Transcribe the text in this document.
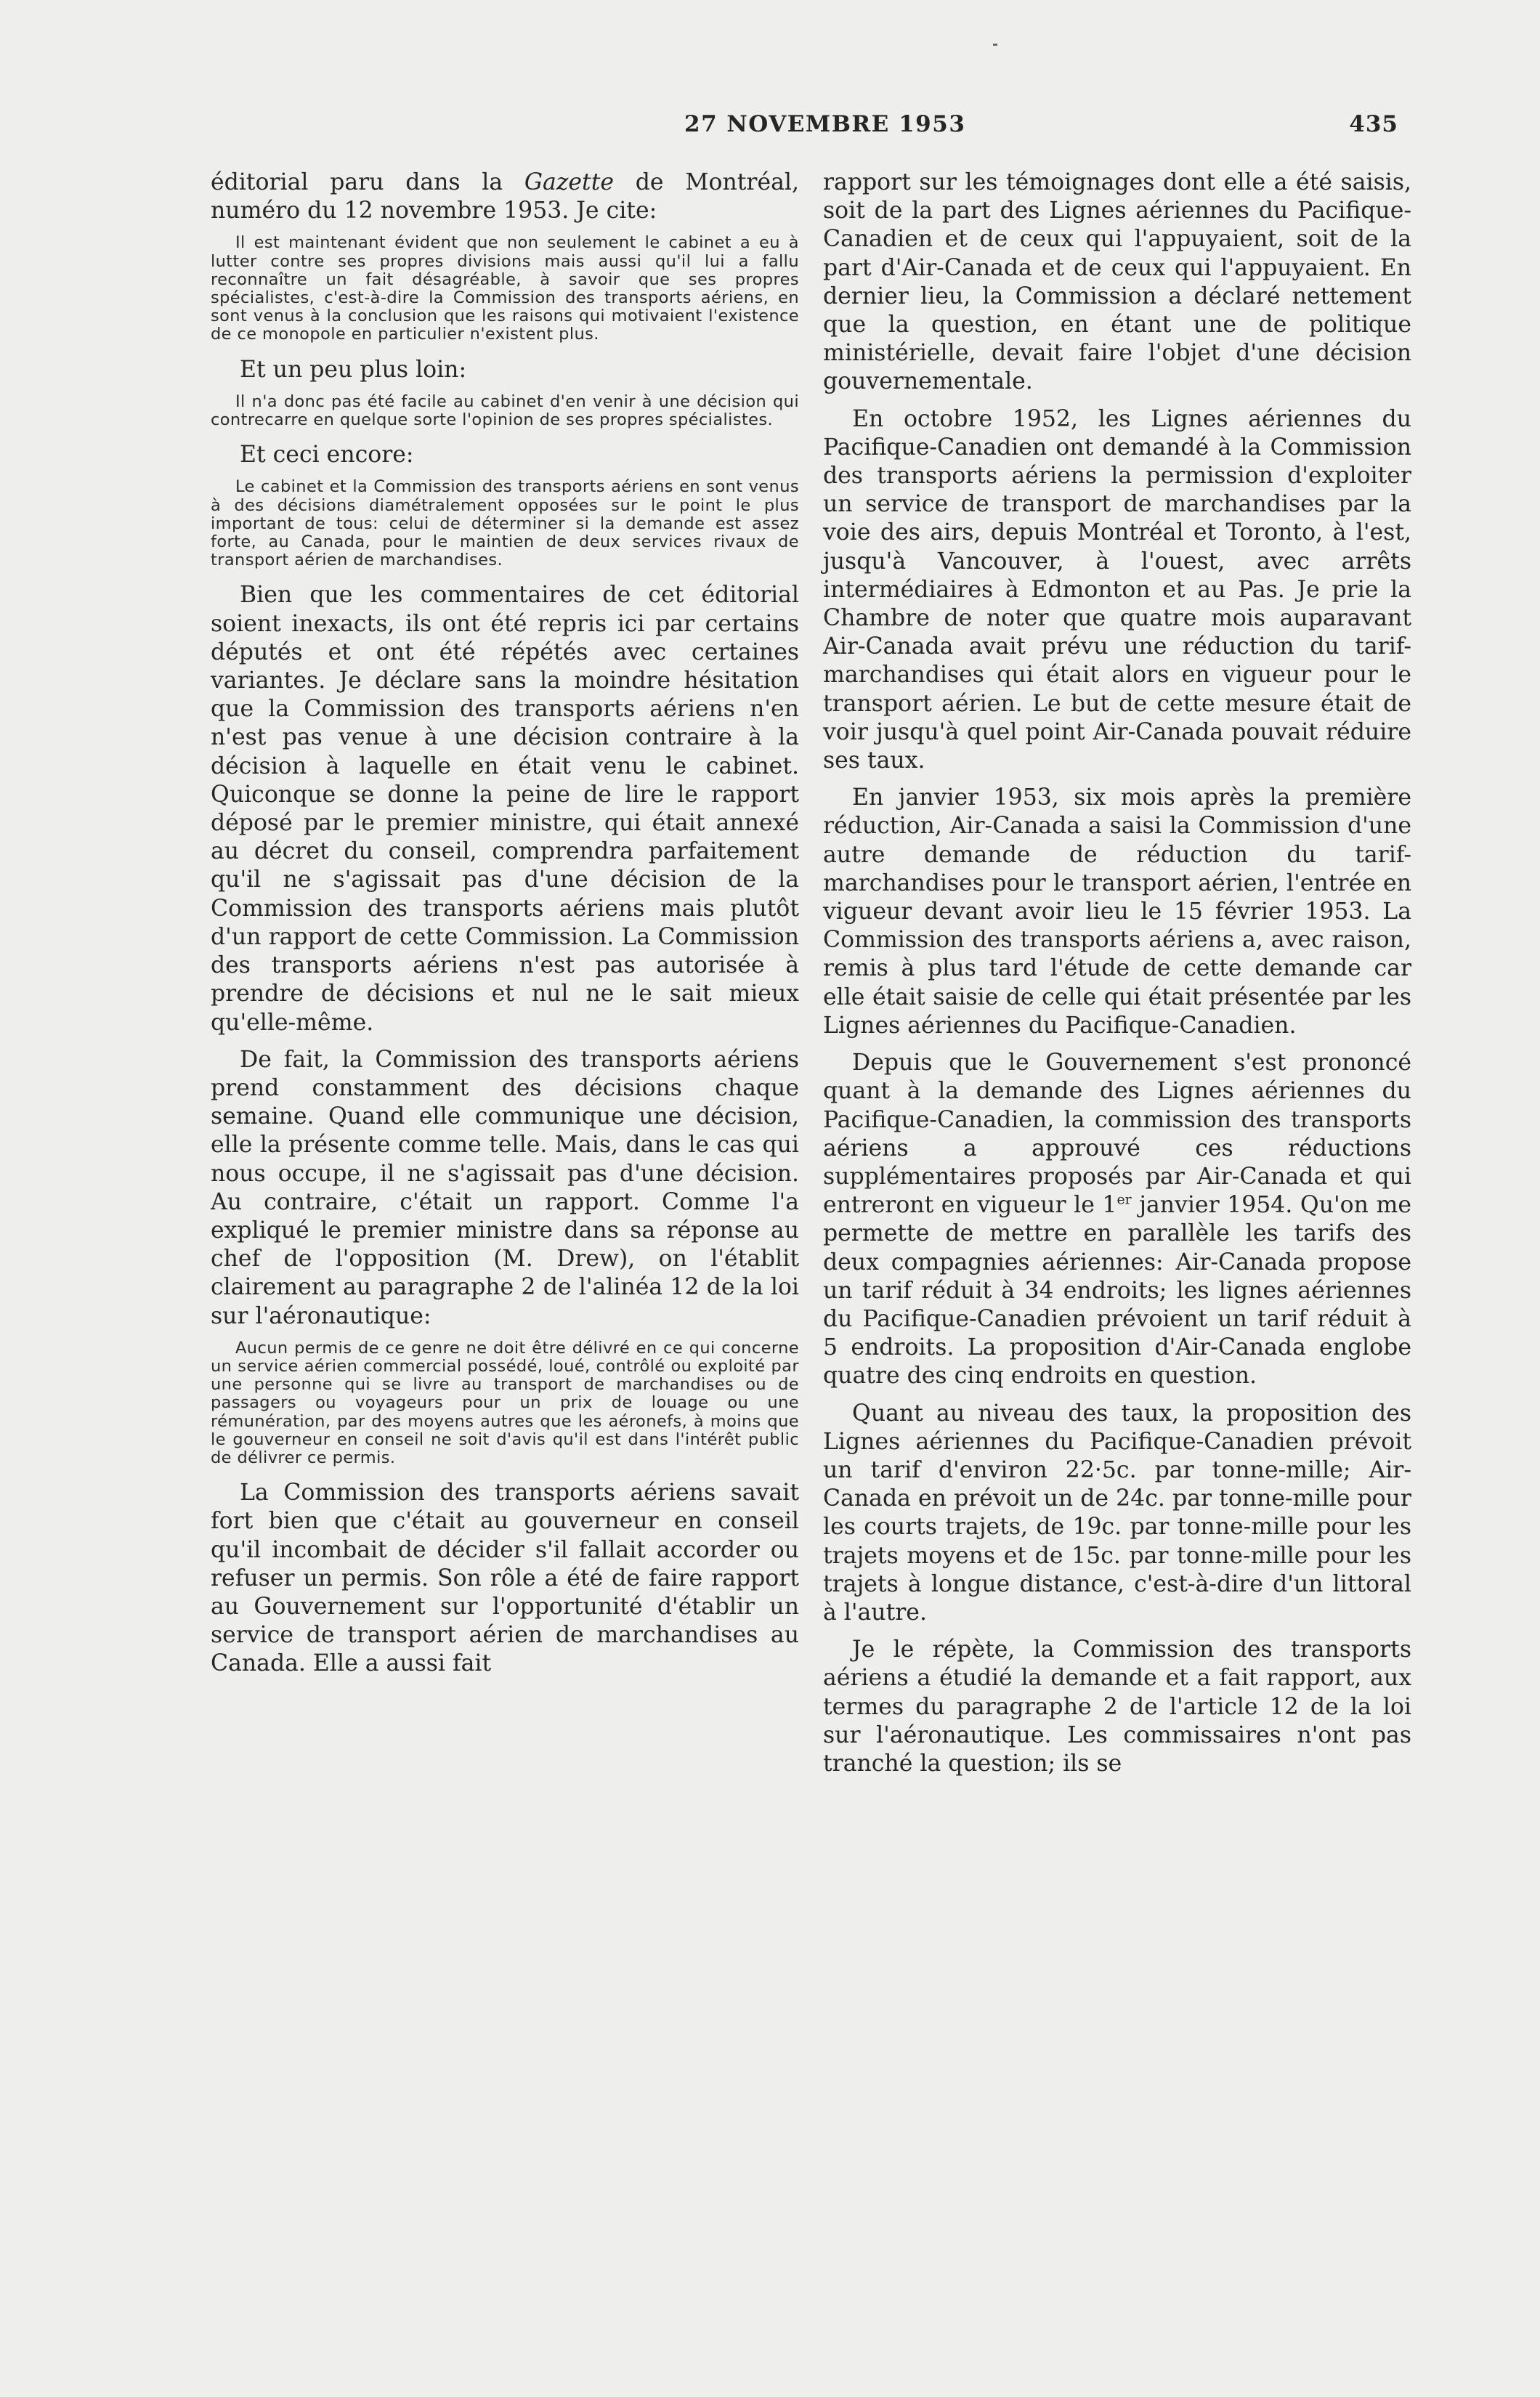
27 NOVEMBRE 1953	435

éditorial paru dans la Gazette de Montréal, numéro du 12 novembre 1953. Je cite:

Il est maintenant évident que non seulement le cabinet a eu à lutter contre ses propres divisions mais aussi qu'il lui a fallu reconnaître un fait désagréable, à savoir que ses propres spécialistes, c'est-à-dire la Commission des transports aériens, en sont venus à la conclusion que les raisons qui motivaient l'existence de ce monopole en particulier n'existent plus.

Et un peu plus loin:

Il n'a donc pas été facile au cabinet d'en venir à une décision qui contrecarre en quelque sorte l'opinion de ses propres spécialistes.

Et ceci encore:

Le cabinet et la Commission des transports aériens en sont venus à des décisions diamétralement opposées sur le point le plus important de tous: celui de déterminer si la demande est assez forte, au Canada, pour le maintien de deux services rivaux de transport aérien de marchandises.

Bien que les commentaires de cet éditorial soient inexacts, ils ont été repris ici par certains députés et ont été répétés avec certaines variantes. Je déclare sans la moindre hésitation que la Commission des transports aériens n'en n'est pas venue à une décision contraire à la décision à laquelle en était venu le cabinet. Quiconque se donne la peine de lire le rapport déposé par le premier ministre, qui était annexé au décret du conseil, comprendra parfaitement qu'il ne s'agissait pas d'une décision de la Commission des transports aériens mais plutôt d'un rapport de cette Commission. La Commission des transports aériens n'est pas autorisée à prendre de décisions et nul ne le sait mieux qu'elle-même.

De fait, la Commission des transports aériens prend constamment des décisions chaque semaine. Quand elle communique une décision, elle la présente comme telle. Mais, dans le cas qui nous occupe, il ne s'agissait pas d'une décision. Au contraire, c'était un rapport. Comme l'a expliqué le premier ministre dans sa réponse au chef de l'opposition (M. Drew), on l'établit clairement au paragraphe 2 de l'alinéa 12 de la loi sur l'aéronautique:

Aucun permis de ce genre ne doit être délivré en ce qui concerne un service aérien commercial possédé, loué, contrôlé ou exploité par une personne qui se livre au transport de marchandises ou de passagers ou voyageurs pour un prix de louage ou une rémunération, par des moyens autres que les aéronefs, à moins que le gouverneur en conseil ne soit d'avis qu'il est dans l'intérêt public de délivrer ce permis.

La Commission des transports aériens savait fort bien que c'était au gouverneur en conseil qu'il incombait de décider s'il fallait accorder ou refuser un permis. Son rôle a été de faire rapport au Gouvernement sur l'opportunité d'établir un service de transport aérien de marchandises au Canada. Elle a aussi fait

rapport sur les témoignages dont elle a été saisis, soit de la part des Lignes aériennes du Pacifique-Canadien et de ceux qui l'appuyaient, soit de la part d'Air-Canada et de ceux qui l'appuyaient. En dernier lieu, la Commission a déclaré nettement que la question, en étant une de politique ministérielle, devait faire l'objet d'une décision gouvernementale.

En octobre 1952, les Lignes aériennes du Pacifique-Canadien ont demandé à la Commission des transports aériens la permission d'exploiter un service de transport de marchandises par la voie des airs, depuis Montréal et Toronto, à l'est, jusqu'à Vancouver, à l'ouest, avec arrêts intermédiaires à Edmonton et au Pas. Je prie la Chambre de noter que quatre mois auparavant Air-Canada avait prévu une réduction du tarif-marchandises qui était alors en vigueur pour le transport aérien. Le but de cette mesure était de voir jusqu'à quel point Air-Canada pouvait réduire ses taux.

En janvier 1953, six mois après la première réduction, Air-Canada a saisi la Commission d'une autre demande de réduction du tarif-marchandises pour le transport aérien, l'entrée en vigueur devant avoir lieu le 15 février 1953. La Commission des transports aériens a, avec raison, remis à plus tard l'étude de cette demande car elle était saisie de celle qui était présentée par les Lignes aériennes du Pacifique-Canadien.

Depuis que le Gouvernement s'est prononcé quant à la demande des Lignes aériennes du Pacifique-Canadien, la commission des transports aériens a approuvé ces réductions supplémentaires proposés par Air-Canada et qui entreront en vigueur le 1er janvier 1954. Qu'on me permette de mettre en parallèle les tarifs des deux compagnies aériennes: Air-Canada propose un tarif réduit à 34 endroits; les lignes aériennes du Pacifique-Canadien prévoient un tarif réduit à 5 endroits. La proposition d'Air-Canada englobe quatre des cinq endroits en question.

Quant au niveau des taux, la proposition des Lignes aériennes du Pacifique-Canadien prévoit un tarif d'environ 22·5c. par tonne-mille; Air-Canada en prévoit un de 24c. par tonne-mille pour les courts trajets, de 19c. par tonne-mille pour les trajets moyens et de 15c. par tonne-mille pour les trajets à longue distance, c'est-à-dire d'un littoral à l'autre.

Je le répète, la Commission des transports aériens a étudié la demande et a fait rapport, aux termes du paragraphe 2 de l'article 12 de la loi sur l'aéronautique. Les commissaires n'ont pas tranché la question; ils se
